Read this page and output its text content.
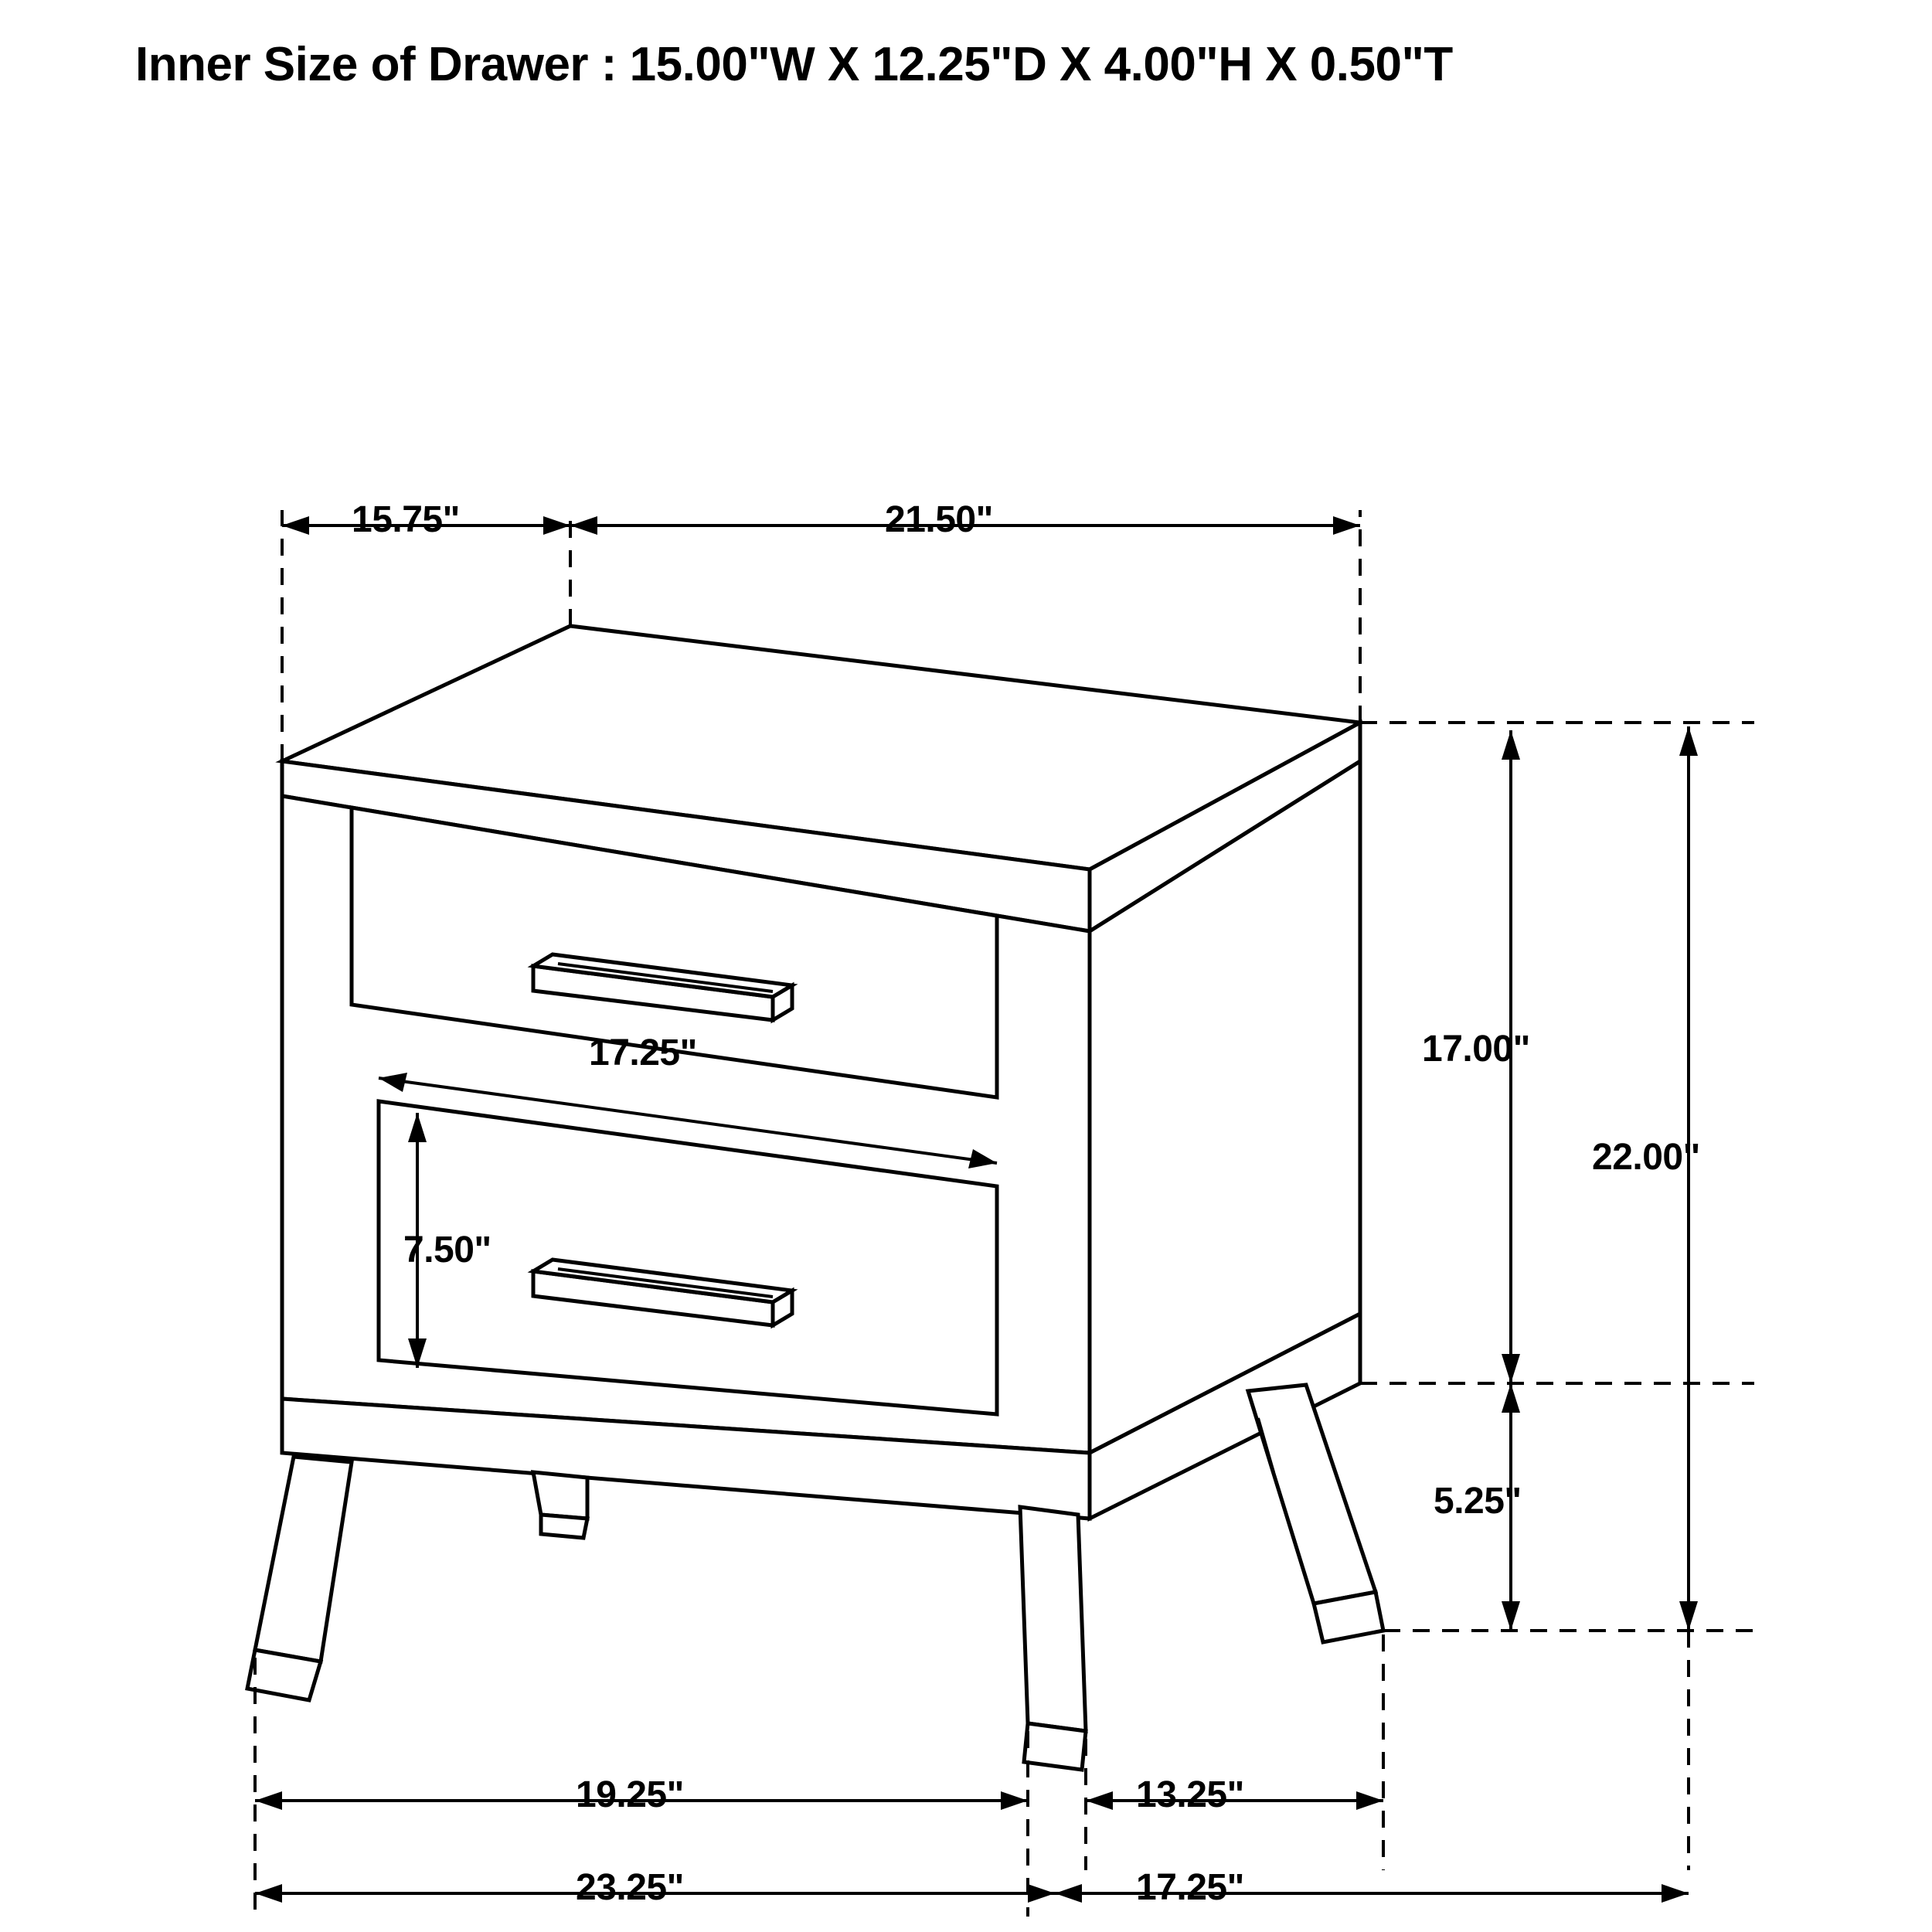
Inner Size of Drawer : 15.00"W X 12.25"D X 4.00"H X 0.50"T
15.75"	21.50"
17.25"
7.50"
17.00"
22.00"
5.25"
19.25"	13.25"
23.25"	17.25"
